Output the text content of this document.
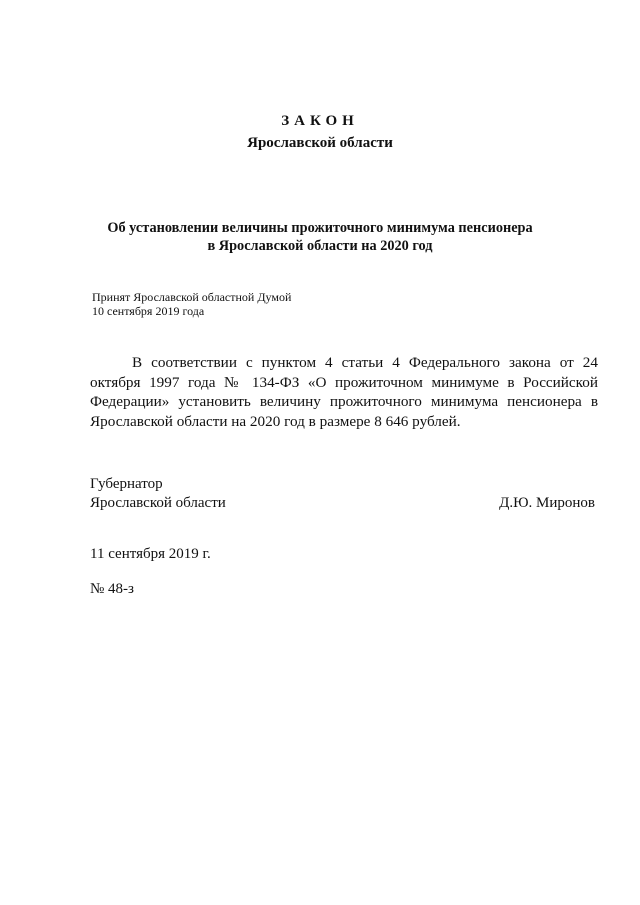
ЗАКОН
Ярославской области
Об установлении величины прожиточного минимума пенсионера
в Ярославской области на 2020 год
Принят Ярославской областной Думой
10 сентября 2019 года
В соответствии с пунктом 4 статьи 4 Федерального закона от 24 октября 1997 года № 134-ФЗ «О прожиточном минимуме в Российской Федерации» установить величину прожиточного минимума пенсионера в Ярославской области на 2020 год в размере 8 646 рублей.
Губернатор
Ярославской области	Д.Ю. Миронов
11 сентября 2019 г.
№ 48-з
